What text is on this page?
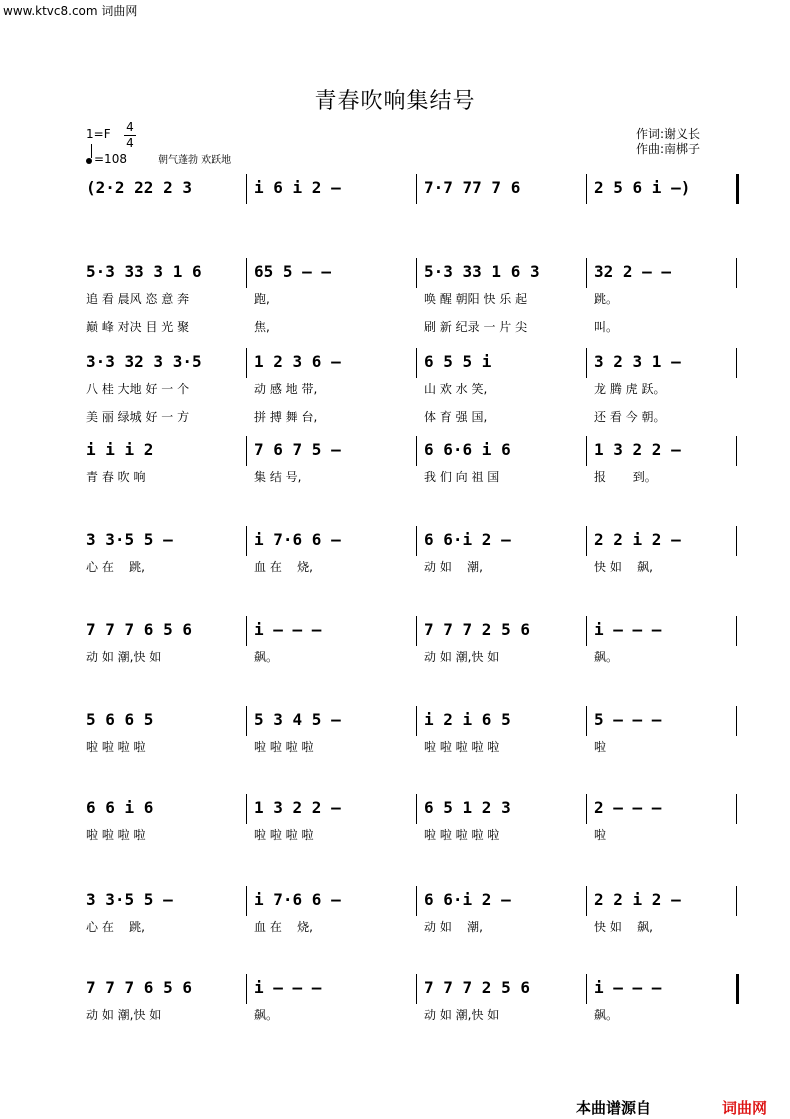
www.ktvc8.com 词曲网
青春吹响集结号
1=F 4
4
=108	朝气蓬勃 欢跃地
作词:谢义长
作曲:南梆子
(2·2 22 2 3	i 6 i 2 –	7·7 77 7 6	2 5 6 i –)
5·3 33 3 1 6
追 看 晨风 恣 意 奔
巅 峰 对决 目 光 聚
65 5 – –
跑,
焦,
5·3 33 1 6 3
唤 醒 朝阳 快 乐 起
刷 新 纪录 一 片 尖
32 2 – –
跳。
叫。
3·3 32 3 3·5
八 桂 大地 好 一 个
美 丽 绿城 好 一 方
1 2 3 6 –
动 感 地 带,
拼 搏 舞 台,
6 5 5 i
山 欢 水 笑,
体 育 强 国,
3 2 3 1 –
龙 腾 虎 跃。
还 看 今 朝。
i i i 2
青 春 吹 响
7 6 7 5 –
集 结 号,
6 6·6 i 6
我 们 向 祖 国
1 3 2 2 –
报       到。
3 3·5 5 –
心 在    跳,
i 7·6 6 –
血 在    烧,
6 6·i 2 –
动 如    潮,
2 2 i 2 –
快 如    飙,
7 7 7 6 5 6
动 如 潮,快 如
i – – –
飙。
7 7 7 2 5 6
动 如 潮,快 如
i – – –
飙。
5 6 6 5
啦 啦 啦 啦
5 3 4 5 –
啦 啦 啦 啦
i 2 i 6 5
啦 啦 啦 啦 啦
5 – – –
啦
6 6 i 6
啦 啦 啦 啦
1 3 2 2 –
啦 啦 啦 啦
6 5 1 2 3
啦 啦 啦 啦 啦
2 – – –
啦
3 3·5 5 –
心 在    跳,
i 7·6 6 –
血 在    烧,
6 6·i 2 –
动 如    潮,
2 2 i 2 –
快 如    飙,
7 7 7 6 5 6
动 如 潮,快 如
i – – –
飙。
7 7 7 2 5 6
动 如 潮,快 如
i – – –
飙。
本曲谱源自	词曲网
